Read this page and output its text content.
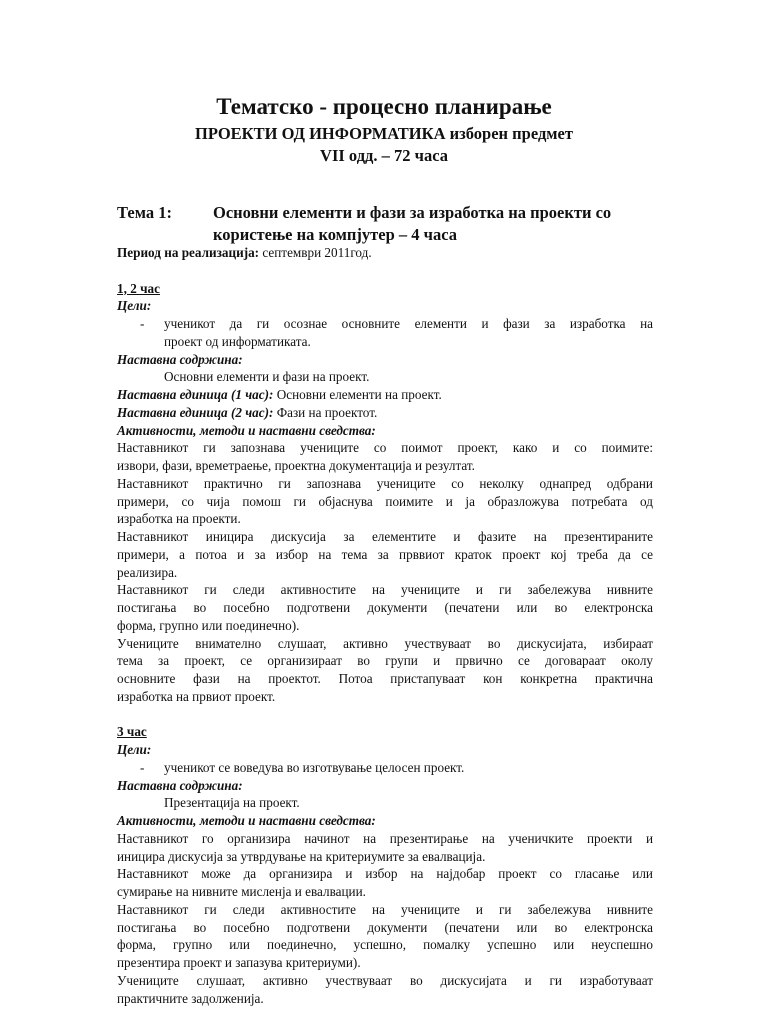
Тематско - процесно планирање
ПРОЕКТИ ОД ИНФОРМАТИКА изборен предмет
VII одд. – 72 часа
Тема 1: Основни елементи и фази за изработка на проекти со
користење на компјутер – 4 часа
Период на реализација: септември 2011год.
1, 2 час
Цели:
- ученикот да ги осознае основните елементи и фази за изработка на
проект од информатиката.
Наставна содржина:
Основни елементи и фази на проект.
Наставна единица (1 час): Основни елементи на проект.
Наставна единица (2 час): Фази на проектот.
Активности, методи и наставни сведства:
Наставникот ги запознава учениците со поимот проект, како и со поимите:
извори, фази, времетраење, проектна документација и резултат.
Наставникот практично ги запознава учениците со неколку однапред одбрани
примери, со чија помош ги објаснува поимите и ја образложува потребата од
изработка на проекти.
Наставникот иницира дискусија за елементите и фазите на презентираните
примери, а потоа и за избор на тема за прввиот краток проект кој треба да се
реализира.
Наставникот ги следи активностите на учениците и ги забележува нивните
постигања во посебно подготвени документи (печатени или во електронска
форма, групно или поединечно).
Учениците внимателно слушаат, активно учествуваат во дискусијата, избираат
тема за проект, се организираат во групи и првично се договараат околу
основните фази на проектот. Потоа пристапуваат кон конкретна практична
изработка на првиот проект.
3 час
Цели:
- ученикот се воведува во изготвување целосен проект.
Наставна содржина:
Презентација на проект.
Активности, методи и наставни сведства:
Наставникот го организира начинот на презентирање на ученичките проекти и
иницира дискусија за утврдување на критериумите за евалвација.
Наставникот може да организира и избор на најдобар проект со гласање или
сумирање на нивните мисленја и евалвации.
Наставникот ги следи активностите на учениците и ги забележува нивните
постигања во посебно подготвени документи (печатени или во електронска
форма, групно или поединечно, успешно, помалку успешно или неуспешно
презентира проект и запазува критериуми).
Учениците слушаат, активно учествуваат во дискусијата и ги изработуваат
практичните задолженија.
